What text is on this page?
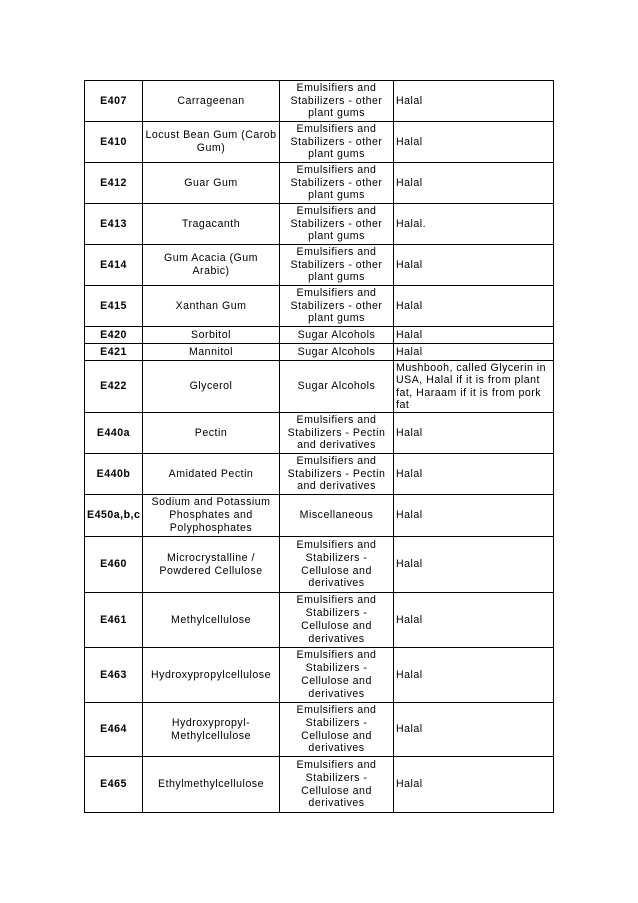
E407	Carrageenan	Emulsifiers and Stabilizers - other plant gums	Halal
E410	Locust Bean Gum (Carob Gum)	Emulsifiers and Stabilizers - other plant gums	Halal
E412	Guar Gum	Emulsifiers and Stabilizers - other plant gums	Halal
E413	Tragacanth	Emulsifiers and Stabilizers - other plant gums	Halal.
E414	Gum Acacia (Gum Arabic)	Emulsifiers and Stabilizers - other plant gums	Halal
E415	Xanthan Gum	Emulsifiers and Stabilizers - other plant gums	Halal
E420	Sorbitol	Sugar Alcohols	Halal
E421	Mannitol	Sugar Alcohols	Halal
E422	Glycerol	Sugar Alcohols	Mushbooh, called Glycerin in USA, Halal if it is from plant fat, Haraam if it is from pork fat
E440a	Pectin	Emulsifiers and Stabilizers - Pectin and derivatives	Halal
E440b	Amidated Pectin	Emulsifiers and Stabilizers - Pectin and derivatives	Halal
E450a,b,c	Sodium and Potassium Phosphates and Polyphosphates	Miscellaneous	Halal
E460	Microcrystalline / Powdered Cellulose	Emulsifiers and Stabilizers - Cellulose and derivatives	Halal
E461	Methylcellulose	Emulsifiers and Stabilizers - Cellulose and derivatives	Halal
E463	Hydroxypropylcellulose	Emulsifiers and Stabilizers - Cellulose and derivatives	Halal
E464	Hydroxypropyl-Methylcellulose	Emulsifiers and Stabilizers - Cellulose and derivatives	Halal
E465	Ethylmethylcellulose	Emulsifiers and Stabilizers - Cellulose and derivatives	Halal
